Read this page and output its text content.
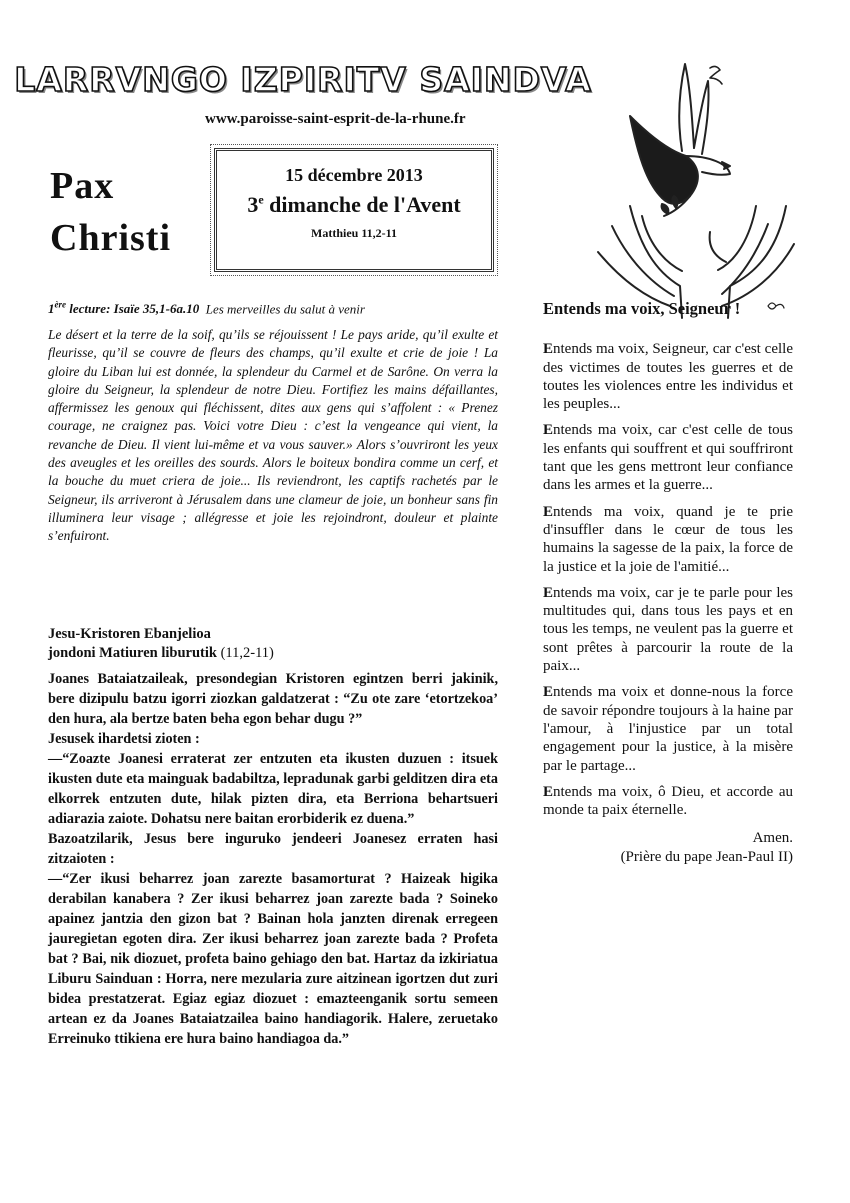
LARRVNGO IZPIRITV SAINDVA
www.paroisse-saint-esprit-de-la-rhune.fr
Pax
Christi
15 décembre 2013
3e dimanche de l'Avent
Matthieu 11,2-11
1ère lecture: Isaïe 35,1-6a.10 Les merveilles du salut à venir

Le désert et la terre de la soif, qu’ils se réjouissent ! Le pays aride, qu’il exulte et fleurisse, qu’il se couvre de fleurs des champs, qu’il exulte et crie de joie ! La gloire du Liban lui est donnée, la splendeur du Carmel et de Sarône. On verra la gloire du Seigneur, la splendeur de notre Dieu. Fortifiez les mains défaillantes, affermissez les genoux qui fléchissent, dites aux gens qui s’affolent : « Prenez courage, ne craignez pas. Voici votre Dieu : c’est la vengeance qui vient, la revanche de Dieu. Il vient lui-même et va vous sauver.» Alors s’ouvriront les yeux des aveugles et les oreilles des sourds. Alors le boiteux bondira comme un cerf, et la bouche du muet criera de joie... Ils reviendront, les captifs rachetés par le Seigneur, ils arriveront à Jérusalem dans une clameur de joie, un bonheur sans fin illuminera leur visage ; allégresse et joie les rejoindront, douleur et plainte s’enfuiront.

Jesu-Kristoren Ebanjelioa
jondoni Matiuren liburutik (11,2-11)

Joanes Bataiatzaileak, presondegian Kristoren egintzen berri jakinik, bere dizipulu batzu igorri ziozkan galdatzerat : “Zu ote zare ‘etortzekoa’ den hura, ala bertze baten beha egon behar dugu ?”

Jesusek ihardetsi zioten :

—“Zoazte Joanesi erraterat zer entzuten eta ikusten duzuen : itsuek ikusten dute eta mainguak badabiltza, lepradunak garbi gelditzen dira eta elkorrek entzuten dute, hilak pizten dira, eta Berriona behartsueri adiarazia zaiote. Dohatsu nere baitan erorbiderik ez duena.”

Bazoatzilarik, Jesus bere inguruko jendeeri Joanesez erraten hasi zitzaioten :

—“Zer ikusi beharrez joan zarezte basamorturat ? Haizeak higika derabilan kanabera ? Zer ikusi beharrez joan zarezte bada ? Soineko apainez jantzia den gizon bat ? Bainan hola janzten direnak erregeen jauregietan egoten dira. Zer ikusi beharrez joan zarezte bada ? Profeta bat ? Bai, nik diozuet, profeta baino gehiago den bat. Hartaz da izkiriatua Liburu Sainduan : Horra, nere mezularia zure aitzinean igortzen dut zuri bidea prestatzerat. Egiaz egiaz diozuet : emazteenganik sortu semeen artean ez da Joanes Bataiatzailea baino handiagorik. Halere, zeruetako Erreinuko ttikiena ere hura baino handiagoa da.”

Entends ma voix, Seigneur !

Entends ma voix, Seigneur, car c'est celle des victimes de toutes les guerres et de toutes les violences entre les individus et les peuples...

Entends ma voix, car c'est celle de tous les enfants qui souffrent et qui souffriront tant que les gens mettront leur confiance dans les armes et la guerre...

Entends ma voix, quand je te prie d'insuffler dans le cœur de tous les humains la sagesse de la paix, la force de la justice et la joie de l'amitié...

Entends ma voix, car je te parle pour les multitudes qui, dans tous les pays et en tous les temps, ne veulent pas la guerre et sont prêtes à parcourir la route de la paix...

Entends ma voix et donne-nous la force de savoir répondre toujours à la haine par l'amour, à l'injustice par un total engagement pour la justice, à la misère par le partage...

Entends ma voix, ô Dieu, et accorde au monde ta paix éternelle.

Amen.
(Prière du pape Jean-Paul II)
